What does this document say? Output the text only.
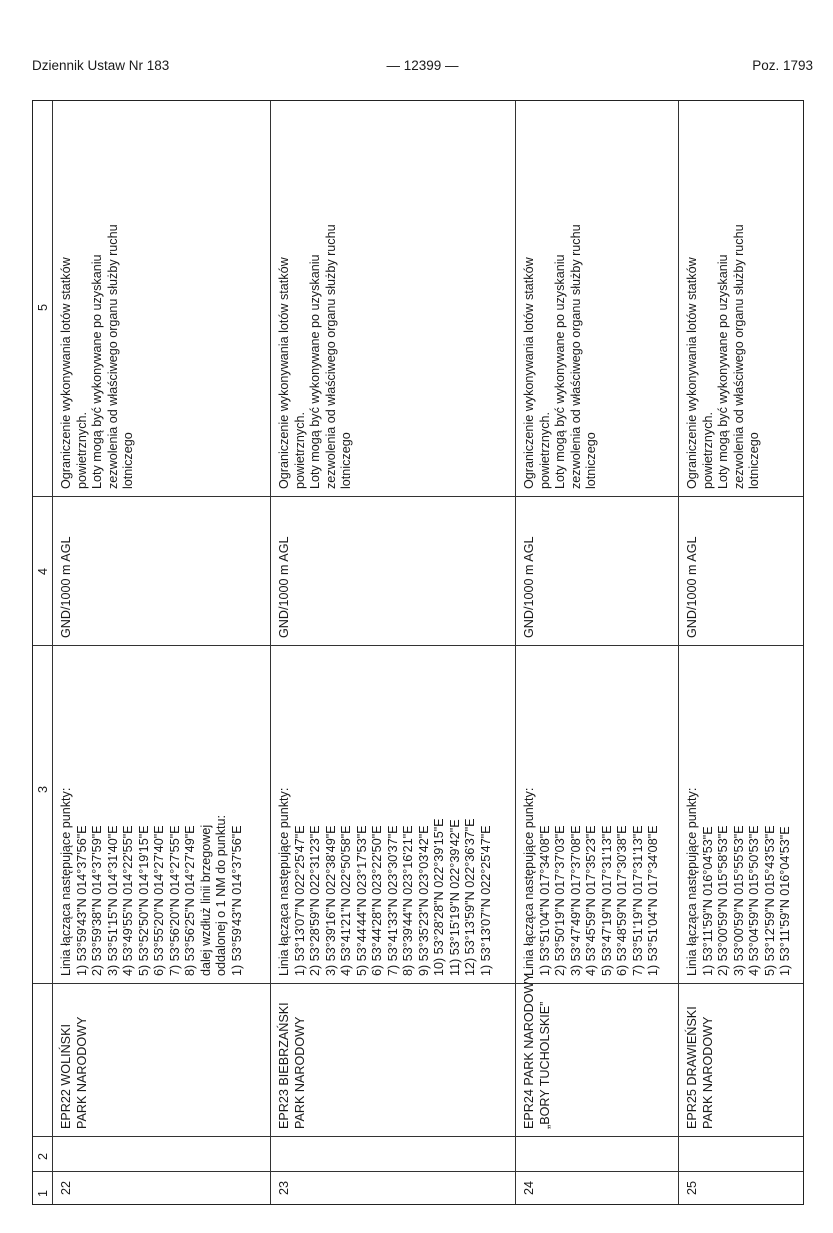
Dziennik Ustaw Nr 183	— 12399 —	Poz. 1793
1
2
3
4
5
22
EPR22 WOLIŃSKI PARK NARODOWY
Linia łącząca następujące punkty: 1) 53°59'43"N 014°37'56"E 2) 53°59'38"N 014°37'59"E 3) 53°51'15"N 014°31'40"E 4) 53°49'55"N 014°22'55"E 5) 53°52'50"N 014°19'15"E 6) 53°55'20"N 014°27'40"E 7) 53°56'20"N 014°27'55"E 8) 53°56'25"N 014°27'49"E dalej wzdłuż linii brzegowej oddalonej o 1 NM do punktu: 1) 53°59'43"N 014°37'56"E
GND/1000 m AGL
Ograniczenie wykonywania lotów statków powietrznych. Loty mogą być wykonywane po uzyskaniu zezwolenia od właściwego organu służby ruchu lotniczego
23
EPR23 BIEBRZAŃSKI PARK NARODOWY
Linia łącząca następujące punkty: 1) 53°13'07"N 022°25'47"E 2) 53°28'59"N 022°31'23"E 3) 53°39'16"N 022°38'49"E 4) 53°41'21"N 022°50'58"E 5) 53°44'44"N 023°17'53"E 6) 53°44'28"N 023°22'50"E 7) 53°41'33"N 023°30'37"E 8) 53°39'44"N 023°16'21"E 9) 53°35'23"N 023°03'42"E 10) 53°28'28"N 022°39'15"E 11) 53°15'19"N 022°39'42"E 12) 53°13'59"N 022°36'37"E 1) 53°13'07"N 022°25'47"E
GND/1000 m AGL
Ograniczenie wykonywania lotów statków powietrznych. Loty mogą być wykonywane po uzyskaniu zezwolenia od właściwego organu służby ruchu lotniczego
24
EPR24 PARK NARODOWY „BORY TUCHOLSKIE”
Linia łącząca następujące punkty: 1) 53°51'04"N 017°34'08"E 2) 53°50'19"N 017°37'03"E 3) 53°47'49"N 017°37'08"E 4) 53°45'59"N 017°35'23"E 5) 53°47'19"N 017°31'13"E 6) 53°48'59"N 017°30'38"E 7) 53°51'19"N 017°31'13"E 1) 53°51'04"N 017°34'08"E
GND/1000 m AGL
Ograniczenie wykonywania lotów statków powietrznych. Loty mogą być wykonywane po uzyskaniu zezwolenia od właściwego organu służby ruchu lotniczego
25
EPR25 DRAWIEŃSKI PARK NARODOWY
Linia łącząca następujące punkty: 1) 53°11'59"N 016°04'53"E 2) 53°00'59"N 015°58'53"E 3) 53°00'59"N 015°55'53"E 4) 53°04'59"N 015°50'53"E 5) 53°12'59"N 015°43'53"E 1) 53°11'59"N 016°04'53"E
GND/1000 m AGL
Ograniczenie wykonywania lotów statków powietrznych. Loty mogą być wykonywane po uzyskaniu zezwolenia od właściwego organu służby ruchu lotniczego
